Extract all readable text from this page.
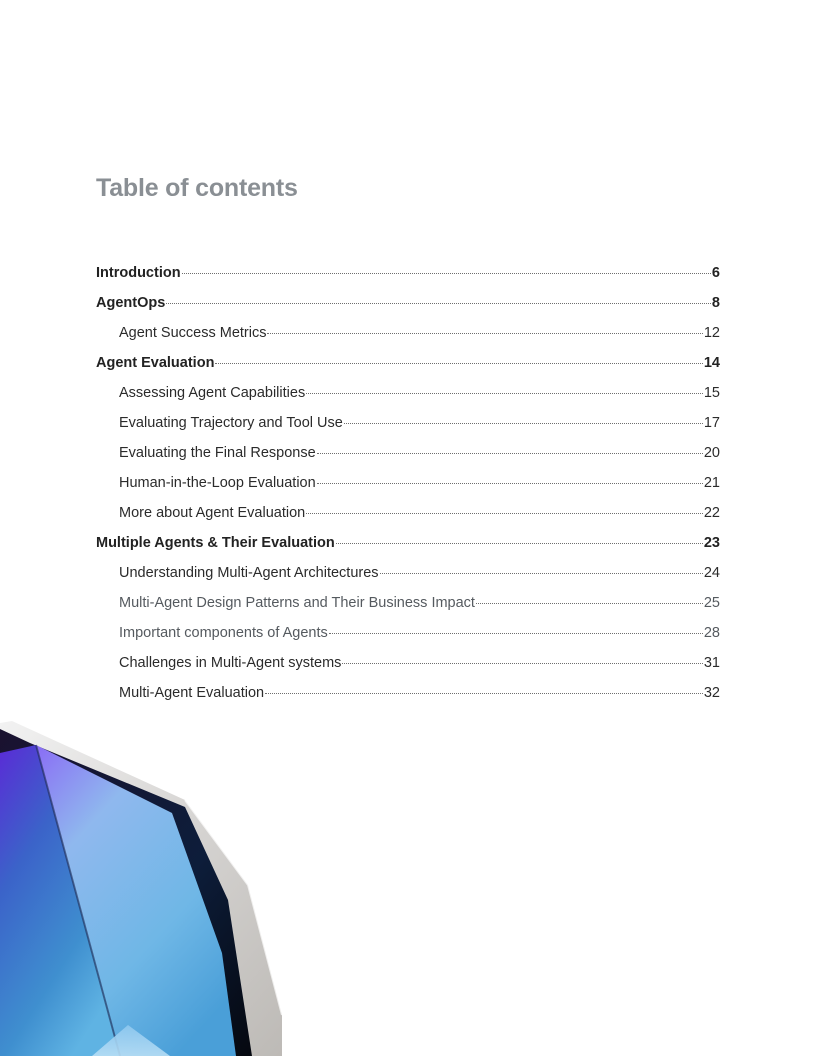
Table of contents
Introduction	6
AgentOps	8
Agent Success Metrics	12
Agent Evaluation	14
Assessing Agent Capabilities	15
Evaluating Trajectory and Tool Use	17
Evaluating the Final Response	20
Human-in-the-Loop Evaluation	21
More about Agent Evaluation	22
Multiple Agents & Their Evaluation	23
Understanding Multi-Agent Architectures	24
Multi-Agent Design Patterns and Their Business Impact	25
Important components of Agents	28
Challenges in Multi-Agent systems	31
Multi-Agent Evaluation	32
